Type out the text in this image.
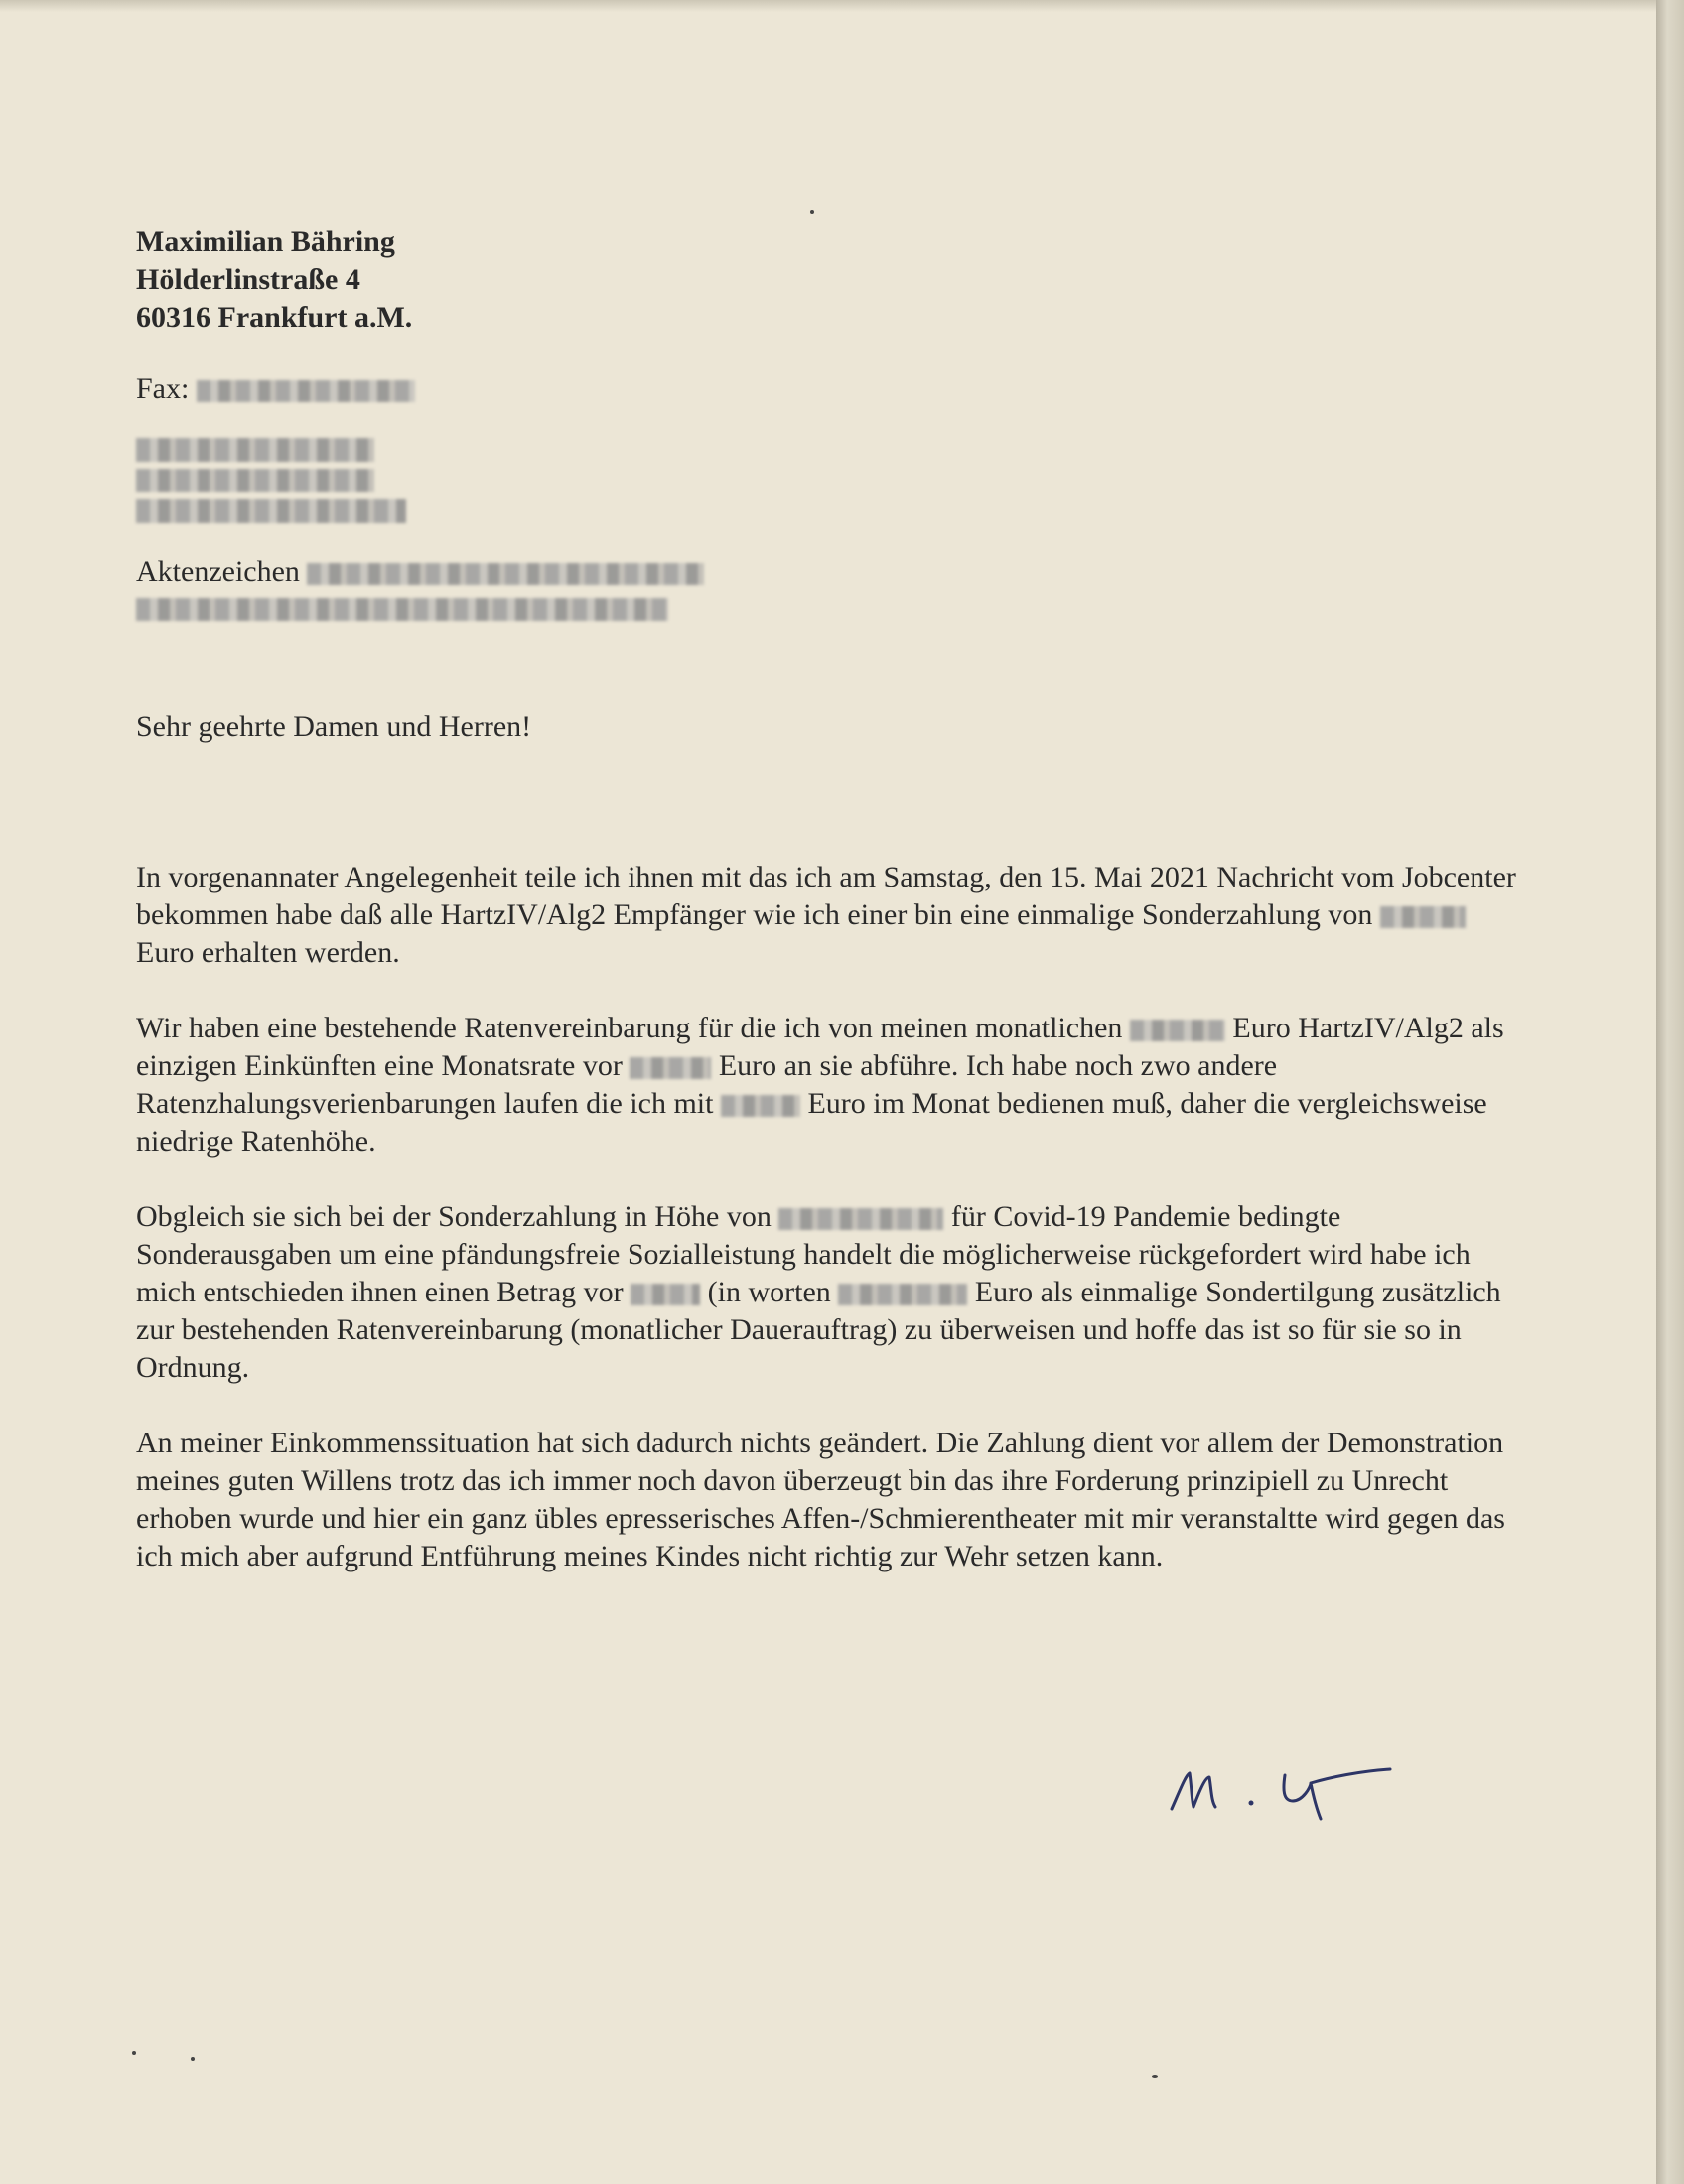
Maximilian Bähring
Hölderlinstraße 4
60316 Frankfurt a.M.
Fax:
Aktenzeichen
Sehr geehrte Damen und Herren!
In vorgenannater Angelegenheit teile ich ihnen mit das ich am Samstag, den 15. Mai 2021 Nachricht vom Jobcenter bekommen habe daß alle HartzIV/Alg2 Empfänger wie ich einer bin eine einmalige Sonderzahlung von  Euro erhalten werden.
Wir haben eine bestehende Ratenvereinbarung für die ich von meinen monatlichen	Euro HartzIV/Alg2 als einzigen Einkünften eine Monatsrate vor	Euro an sie abführe. Ich habe noch zwo andere Ratenzhalungsverienbarungen laufen die ich mit	Euro im Monat bedienen muß, daher die vergleichsweise niedrige Ratenhöhe.
Obgleich sie sich bei der Sonderzahlung in Höhe von	für Covid-19 Pandemie bedingte Sonderausgaben um eine pfändungsfreie Sozialleistung handelt die möglicherweise rückgefordert wird habe ich mich entschieden ihnen einen Betrag vor	(in worten	Euro als einmalige Sondertilgung zusätzlich zur bestehenden Ratenvereinbarung (monatlicher Dauerauftrag) zu überweisen und hoffe das ist so für sie so in Ordnung.
An meiner Einkommenssituation hat sich dadurch nichts geändert. Die Zahlung dient vor allem der Demonstration meines guten Willens trotz das ich immer noch davon überzeugt bin das ihre Forderung prinzipiell zu Unrecht erhoben wurde und hier ein ganz übles epresserisches Affen-/Schmierentheater mit mir veranstaltte wird gegen das ich mich aber aufgrund Entführung meines Kindes nicht richtig zur Wehr setzen kann.
